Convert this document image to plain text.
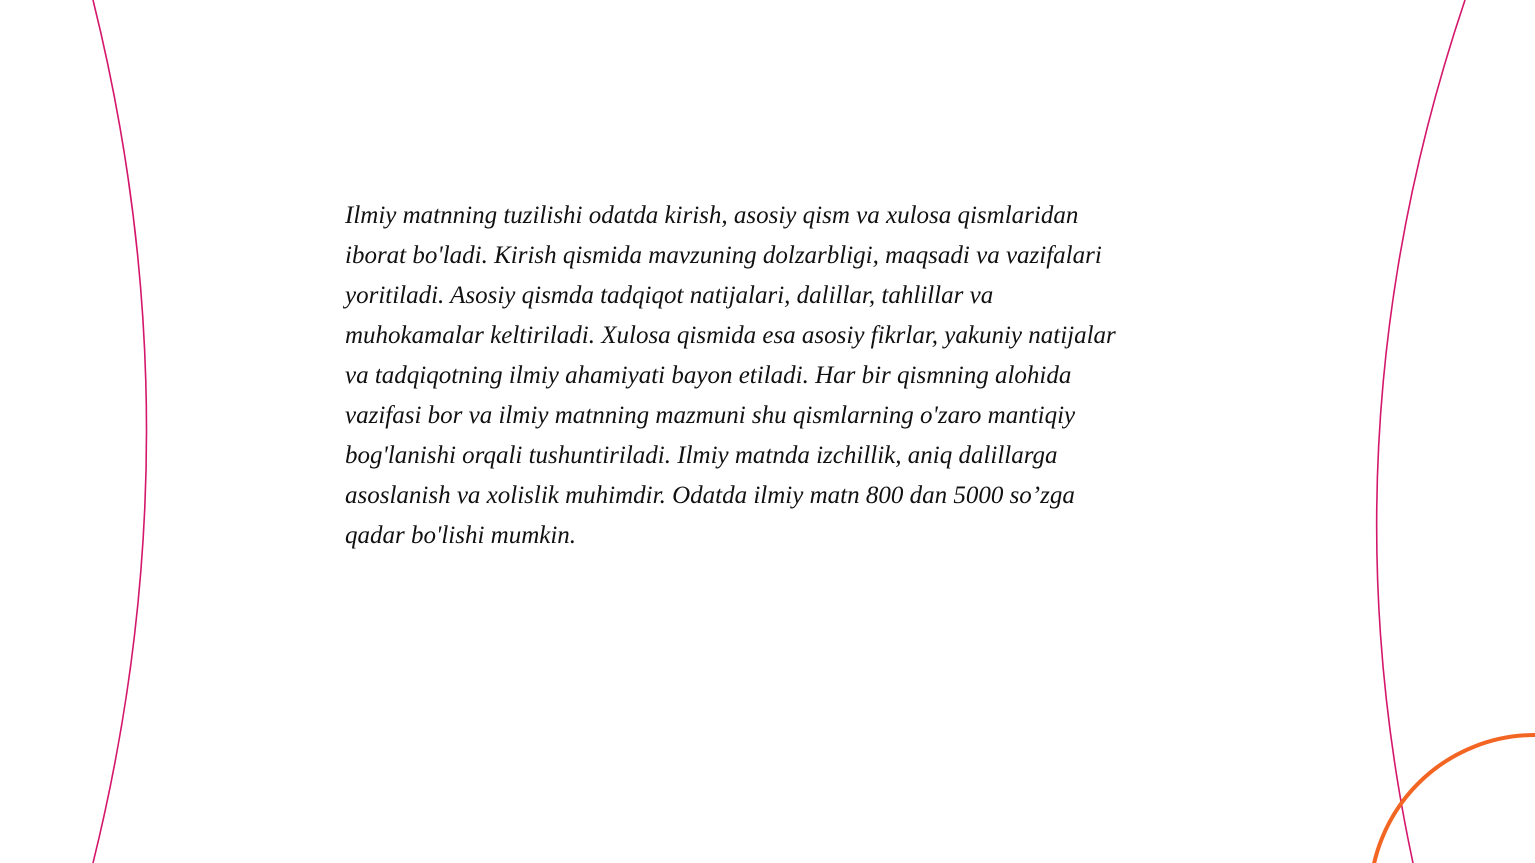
Ilmiy matnning tuzilishi odatda kirish, asosiy qism va xulosa qismlaridan
iborat bo'ladi. Kirish qismida mavzuning dolzarbligi, maqsadi va vazifalari
yoritiladi. Asosiy qismda tadqiqot natijalari, dalillar, tahlillar va
muhokamalar keltiriladi. Xulosa qismida esa asosiy fikrlar, yakuniy natijalar
va tadqiqotning ilmiy ahamiyati bayon etiladi. Har bir qismning alohida
vazifasi bor va ilmiy matnning mazmuni shu qismlarning o'zaro mantiqiy
bog'lanishi orqali tushuntiriladi. Ilmiy matnda izchillik, aniq dalillarga
asoslanish va xolislik muhimdir. Odatda ilmiy matn 800 dan 5000 so’zga
qadar bo'lishi mumkin.
